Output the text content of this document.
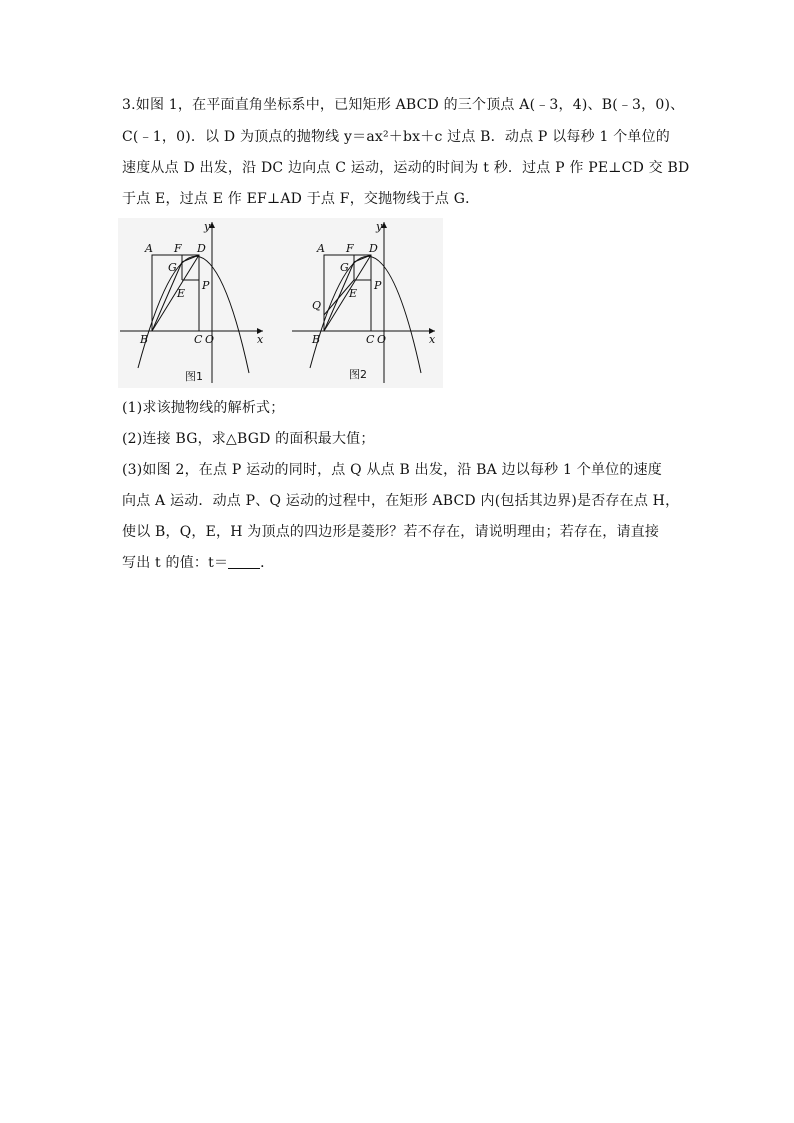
3.如图 1，在平面直角坐标系中，已知矩形 ABCD 的三个顶点 A(﹣3，4)、B(﹣3，0)、
C(﹣1，0)．以 D 为顶点的抛物线 y＝ax²＋bx＋c 过点 B．动点 P 以每秒 1 个单位的
速度从点 D 出发，沿 DC 边向点 C 运动，运动的时间为 t 秒．过点 P 作 PE⊥CD 交 BD
于点 E，过点 E 作 EF⊥AD 于点 F，交抛物线于点 G．
A F D
G
E
P
B	C O	x
y
图1
A F D
G
E
P
Q
B	C O	x
y
图2
(1)求该抛物线的解析式；
(2)连接 BG，求△BGD 的面积最大值；
(3)如图 2，在点 P 运动的同时，点 Q 从点 B 出发，沿 BA 边以每秒 1 个单位的速度
向点 A 运动．动点 P、Q 运动的过程中，在矩形 ABCD 内(包括其边界)是否存在点 H，
使以 B，Q，E，H 为顶点的四边形是菱形？若不存在，请说明理由；若存在，请直接
写出 t 的值：t＝ ．
